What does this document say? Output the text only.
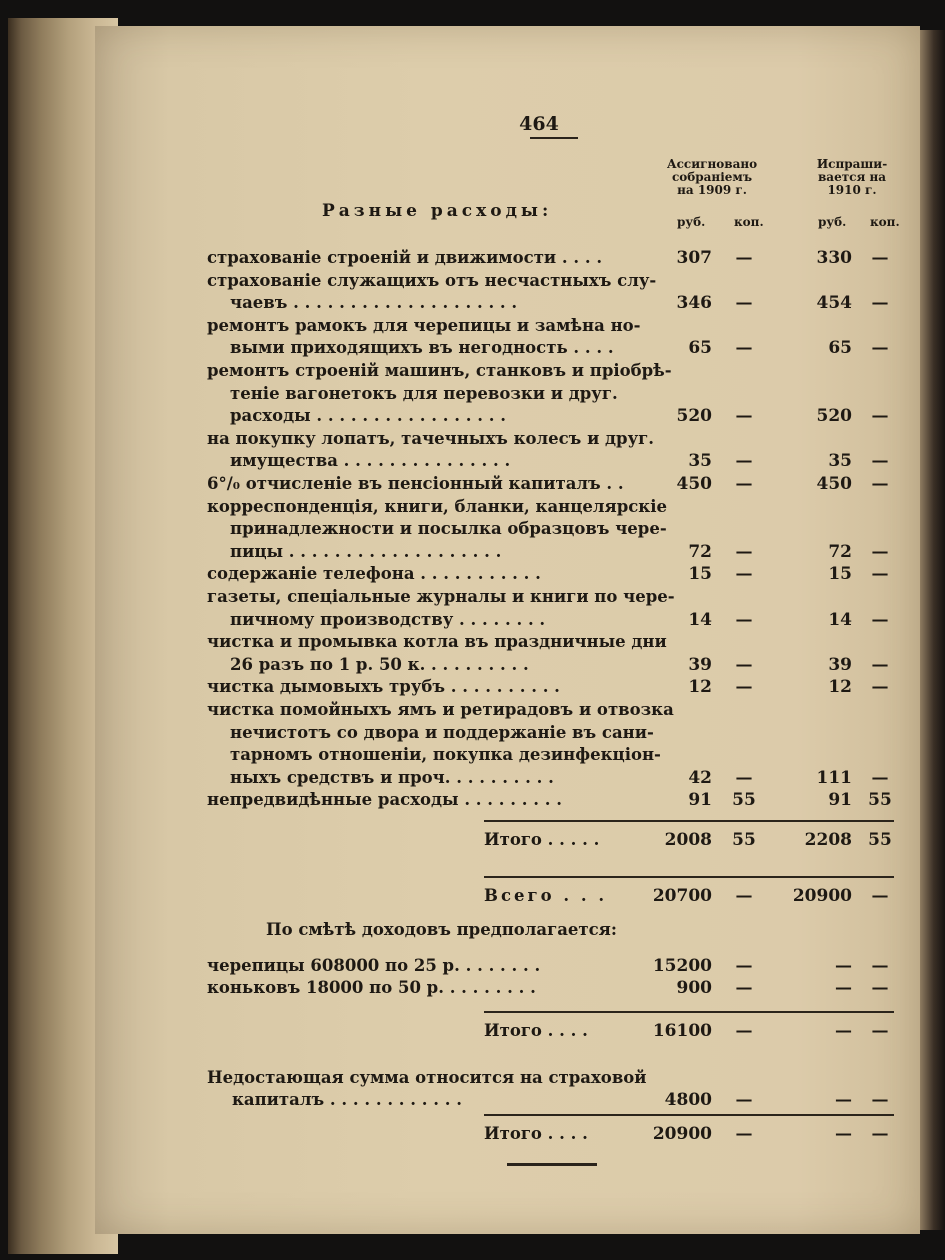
464
Ассигновано
собраніемъ
на 1909 г.
Испраши-
вается на
1910 г.
руб. коп.	руб. коп.
Разные расходы:
страхованіе строеній и движимости . . . .	307	—	330	—
страхованіе служащихъ отъ несчастныхъ слу-
чаевъ . . . . . . . . . . . . . . . . . . . .	346	—	454	—
ремонтъ рамокъ для черепицы и замѣна но-
выми приходящихъ въ негодность . . . .	65	—	65	—
ремонтъ строеній машинъ, станковъ и пріобрѣ-
теніе вагонетокъ для перевозки и друг.
расходы . . . . . . . . . . . . . . . . .	520	—	520	—
на покупку лопатъ, тачечныхъ колесъ и друг.
имущества . . . . . . . . . . . . . . .	35	—	35	—
6°/₀ отчисленіе въ пенсіонный капиталъ . .	450	—	450	—
корреспонденція, книги, бланки, канцелярскіе
принадлежности и посылка образцовъ чере-
пицы . . . . . . . . . . . . . . . . . . .	72	—	72	—
содержаніе телефона . . . . . . . . . . .	15	—	15	—
газеты, спеціальные журналы и книги по чере-
пичному производству . . . . . . . .	14	—	14	—
чистка и промывка котла въ праздничные дни
26 разъ по 1 р. 50 к. . . . . . . . . .	39	—	39	—
чистка дымовыхъ трубъ . . . . . . . . . .	12	—	12	—
чистка помойныхъ ямъ и ретирадовъ и отвозка
нечистотъ со двора и поддержаніе въ сани-
тарномъ отношеніи, покупка дезинфекціон-
ныхъ средствъ и проч. . . . . . . . . .	42	—	111	—
непредвидѣнные расходы . . . . . . . . .	91 55	91 55
Итого . . . . .	2008 55	2208 55
Всего . . .	20700	—	20900	—
По смѣтѣ доходовъ предполагается:
черепицы 608000 по 25 р. . . . . . . .	15200	—	—	—
коньковъ 18000 по 50 р. . . . . . . . .	900	—	—	—
Итого . . . .	16100	—	—	—
Недостающая сумма относится на страховой
капиталъ . . . . . . . . . . . .	4800	—	—	—
Итого . . . .	20900	—	—	—
